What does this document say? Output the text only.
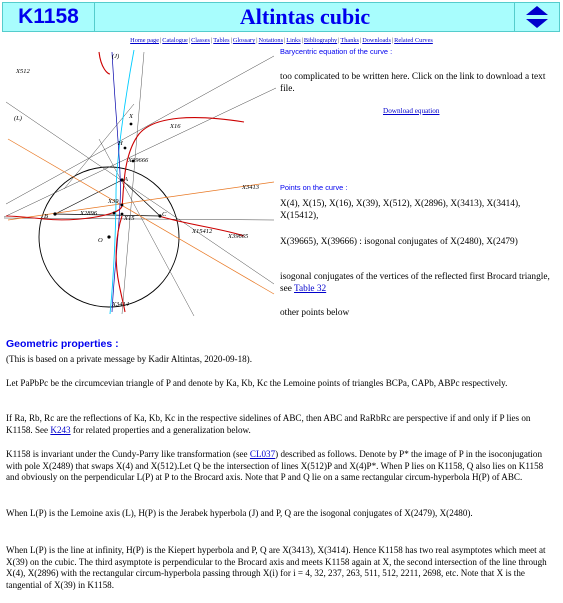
K1158	Altintas cubic
Home page|Catalogue|Classes|Tables|Glossary|Notations|Links|Bibliography|Thanks|Downloads|Related Curves
(J)
X512
(L)	X
X16
H
X39666
A
X3413
X39
B	X2896
X15
C
X15412
O
X39665
X3414
Barycentric equation of the curve :
too complicated to be written here. Click on the link to download a text file.
Download equation
Points on the curve :
X(4), X(15), X(16), X(39), X(512), X(2896), X(3413), X(3414), X(15412),
X(39665), X(39666) : isogonal conjugates of X(2480), X(2479)
isogonal conjugates of the vertices of the reflected first Brocard triangle, see Table 32
other points below
Geometric properties :
(This is based on a private message by Kadir Altintas, 2020-09-18).
Let PaPbPc be the circumcevian triangle of P and denote by Ka, Kb, Kc the Lemoine points of triangles BCPa, CAPb, ABPc respectively.
If Ra, Rb, Rc are the reflections of Ka, Kb, Kc in the respective sidelines of ABC, then ABC and RaRbRc are perspective if and only if P lies on K1158. See K243 for related properties and a generalization below.
K1158 is invariant under the Cundy-Parry like transformation (see CL037) described as follows. Denote by P* the image of P in the isoconjugation with pole X(2489) that swaps X(4) and X(512).Let Q be the intersection of lines X(512)P and X(4)P*. When P lies on K1158, Q also lies on K1158 and obviously on the perpendicular L(P) at P to the Brocard axis. Note that P and Q lie on a same rectangular circum-hyperbola H(P) of ABC.
When L(P) is the Lemoine axis (L), H(P) is the Jerabek hyperbola (J) and P, Q are the isogonal conjugates of X(2479), X(2480).
When L(P) is the line at infinity, H(P) is the Kiepert hyperbola and P, Q are X(3413), X(3414). Hence K1158 has two real asymptotes which meet at X(39) on the cubic. The third asymptote is perpendicular to the Brocard axis and meets K1158 again at X, the second intersection of the line through X(4), X(2896) with the rectangular circum-hyperbola passing through X(i) for i = 4, 32, 237, 263, 511, 512, 2211, 2698, etc. Note that X is the tangential of X(39) in K1158.
